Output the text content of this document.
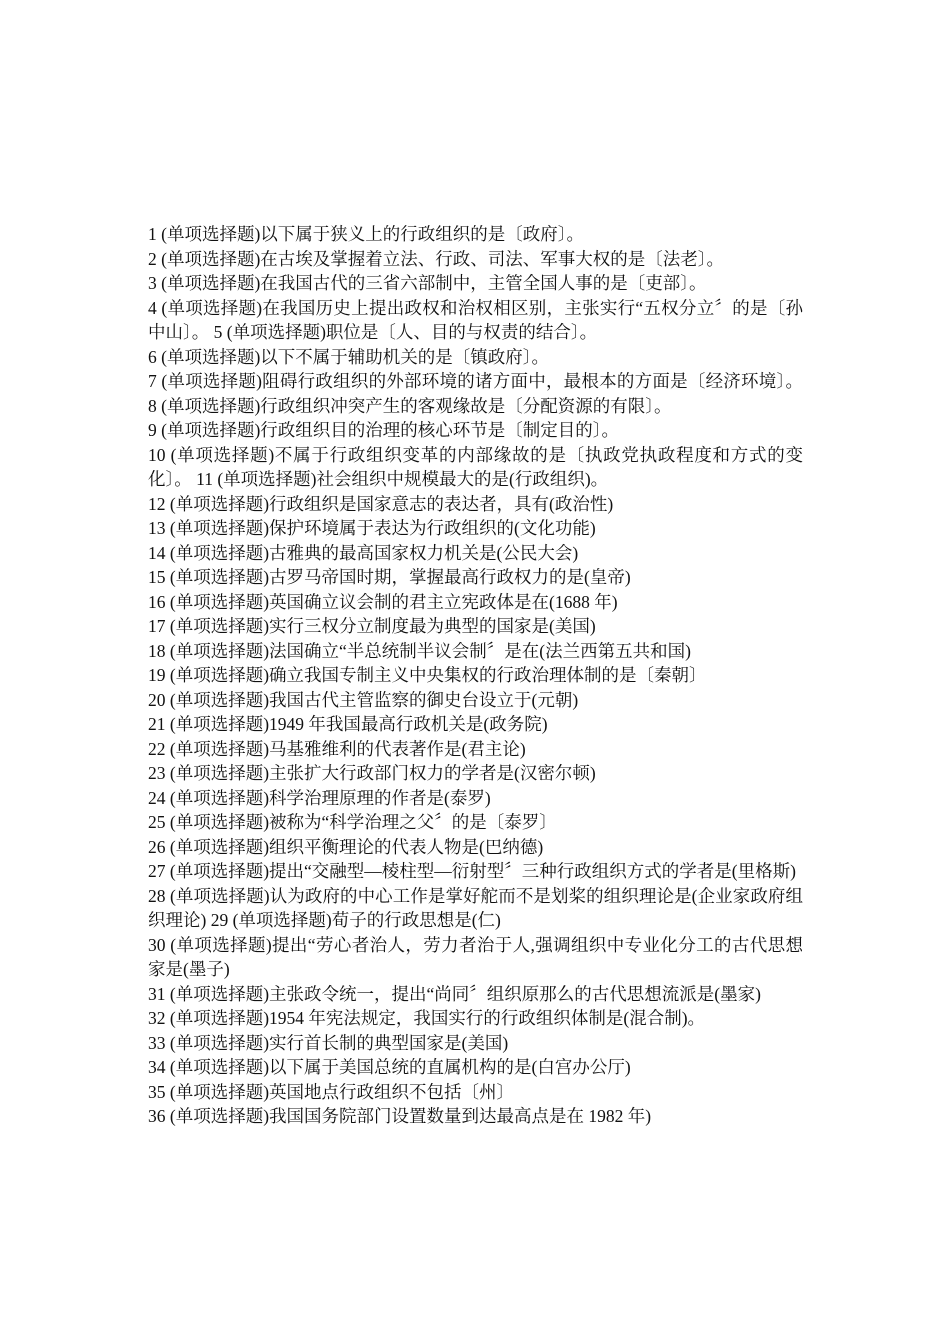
1 (单项选择题)以下属于狭义上的行政组织的是〔政府〕。

2 (单项选择题)在古埃及掌握着立法、行政、司法、军事大权的是〔法老〕。

3 (单项选择题)在我国古代的三省六部制中，主管全国人事的是〔吏部〕。

4 (单项选择题)在我国历史上提出政权和治权相区别，主张实行“五权分立〞的是〔孙中山〕。 5 (单项选择题)职位是〔人、目的与权责的结合〕。

6 (单项选择题)以下不属于辅助机关的是〔镇政府〕。

7 (单项选择题)阻碍行政组织的外部环境的诸方面中，最根本的方面是〔经济环境〕。 8 (单项选择题)行政组织冲突产生的客观缘故是〔分配资源的有限〕。

9 (单项选择题)行政组织目的治理的核心环节是〔制定目的〕。

10 (单项选择题)不属于行政组织变革的内部缘故的是〔执政党执政程度和方式的变化〕。 11 (单项选择题)社会组织中规模最大的是(行政组织)。

12 (单项选择题)行政组织是国家意志的表达者，具有(政治性)

13 (单项选择题)保护环境属于表达为行政组织的(文化功能)

14 (单项选择题)古雅典的最高国家权力机关是(公民大会)

15 (单项选择题)古罗马帝国时期，掌握最高行政权力的是(皇帝)

16 (单项选择题)英国确立议会制的君主立宪政体是在(1688 年)

17 (单项选择题)实行三权分立制度最为典型的国家是(美国)

18 (单项选择题)法国确立“半总统制半议会制〞是在(法兰西第五共和国)

19 (单项选择题)确立我国专制主义中央集权的行政治理体制的是〔秦朝〕

20 (单项选择题)我国古代主管监察的御史台设立于(元朝)

21 (单项选择题)1949 年我国最高行政机关是(政务院)

22 (单项选择题)马基雅维利的代表著作是(君主论)

23 (单项选择题)主张扩大行政部门权力的学者是(汉密尔顿)

24 (单项选择题)科学治理原理的作者是(泰罗)

25 (单项选择题)被称为“科学治理之父〞的是〔泰罗〕

26 (单项选择题)组织平衡理论的代表人物是(巴纳德)

27 (单项选择题)提出“交融型—棱柱型—衍射型〞三种行政组织方式的学者是(里格斯)

28 (单项选择题)认为政府的中心工作是掌好舵而不是划桨的组织理论是(企业家政府组织理论) 29 (单项选择题)荀子的行政思想是(仁)

30 (单项选择题)提出“劳心者治人，劳力者治于人,强调组织中专业化分工的古代思想家是(墨子)

31 (单项选择题)主张政令统一，提出“尚同〞组织原那么的古代思想流派是(墨家)

32 (单项选择题)1954 年宪法规定，我国实行的行政组织体制是(混合制)。

33 (单项选择题)实行首长制的典型国家是(美国)

34 (单项选择题)以下属于美国总统的直属机构的是(白宫办公厅)

35 (单项选择题)英国地点行政组织不包括〔州〕

36 (单项选择题)我国国务院部门设置数量到达最高点是在 1982 年)
